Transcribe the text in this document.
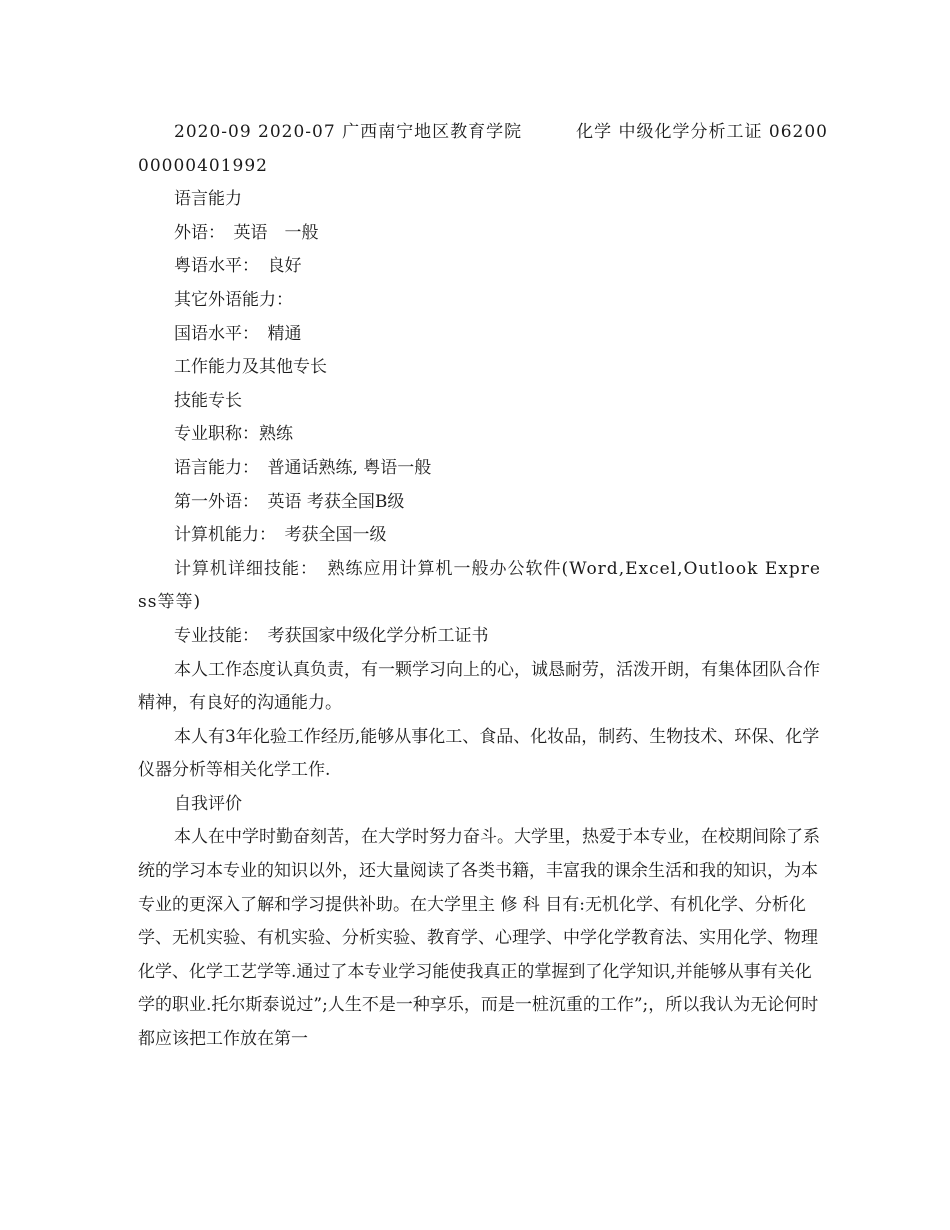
2020-09 2020-07 广西南宁地区教育学院　　　化学 中级化学分析工证 0620000000401992

语言能力

外语：　英语　一般

粤语水平：　良好

其它外语能力：

国语水平：　精通

工作能力及其他专长

技能专长

专业职称：熟练

语言能力：　普通话熟练, 粤语一般

第一外语：　英语 考获全国B级

计算机能力：　考获全国一级

计算机详细技能：　熟练应用计算机一般办公软件(Word,Excel,Outlook Express等等)

专业技能：　考获国家中级化学分析工证书

本人工作态度认真负责，有一颗学习向上的心，诚恳耐劳，活泼开朗，有集体团队合作精神，有良好的沟通能力。

本人有3年化验工作经历,能够从事化工、食品、化妆品，制药、生物技术、环保、化学仪器分析等相关化学工作.

自我评价

本人在中学时勤奋刻苦，在大学时努力奋斗。大学里，热爱于本专业，在校期间除了系统的学习本专业的知识以外，还大量阅读了各类书籍，丰富我的课余生活和我的知识，为本专业的更深入了解和学习提供补助。在大学里主 修 科 目有:无机化学、有机化学、分析化学、无机实验、有机实验、分析实验、教育学、心理学、中学化学教育法、实用化学、物理化学、化学工艺学等.通过了本专业学习能使我真正的掌握到了化学知识,并能够从事有关化学的职业.托尔斯泰说过”;人生不是一种享乐，而是一桩沉重的工作”;，所以我认为无论何时都应该把工作放在第一
